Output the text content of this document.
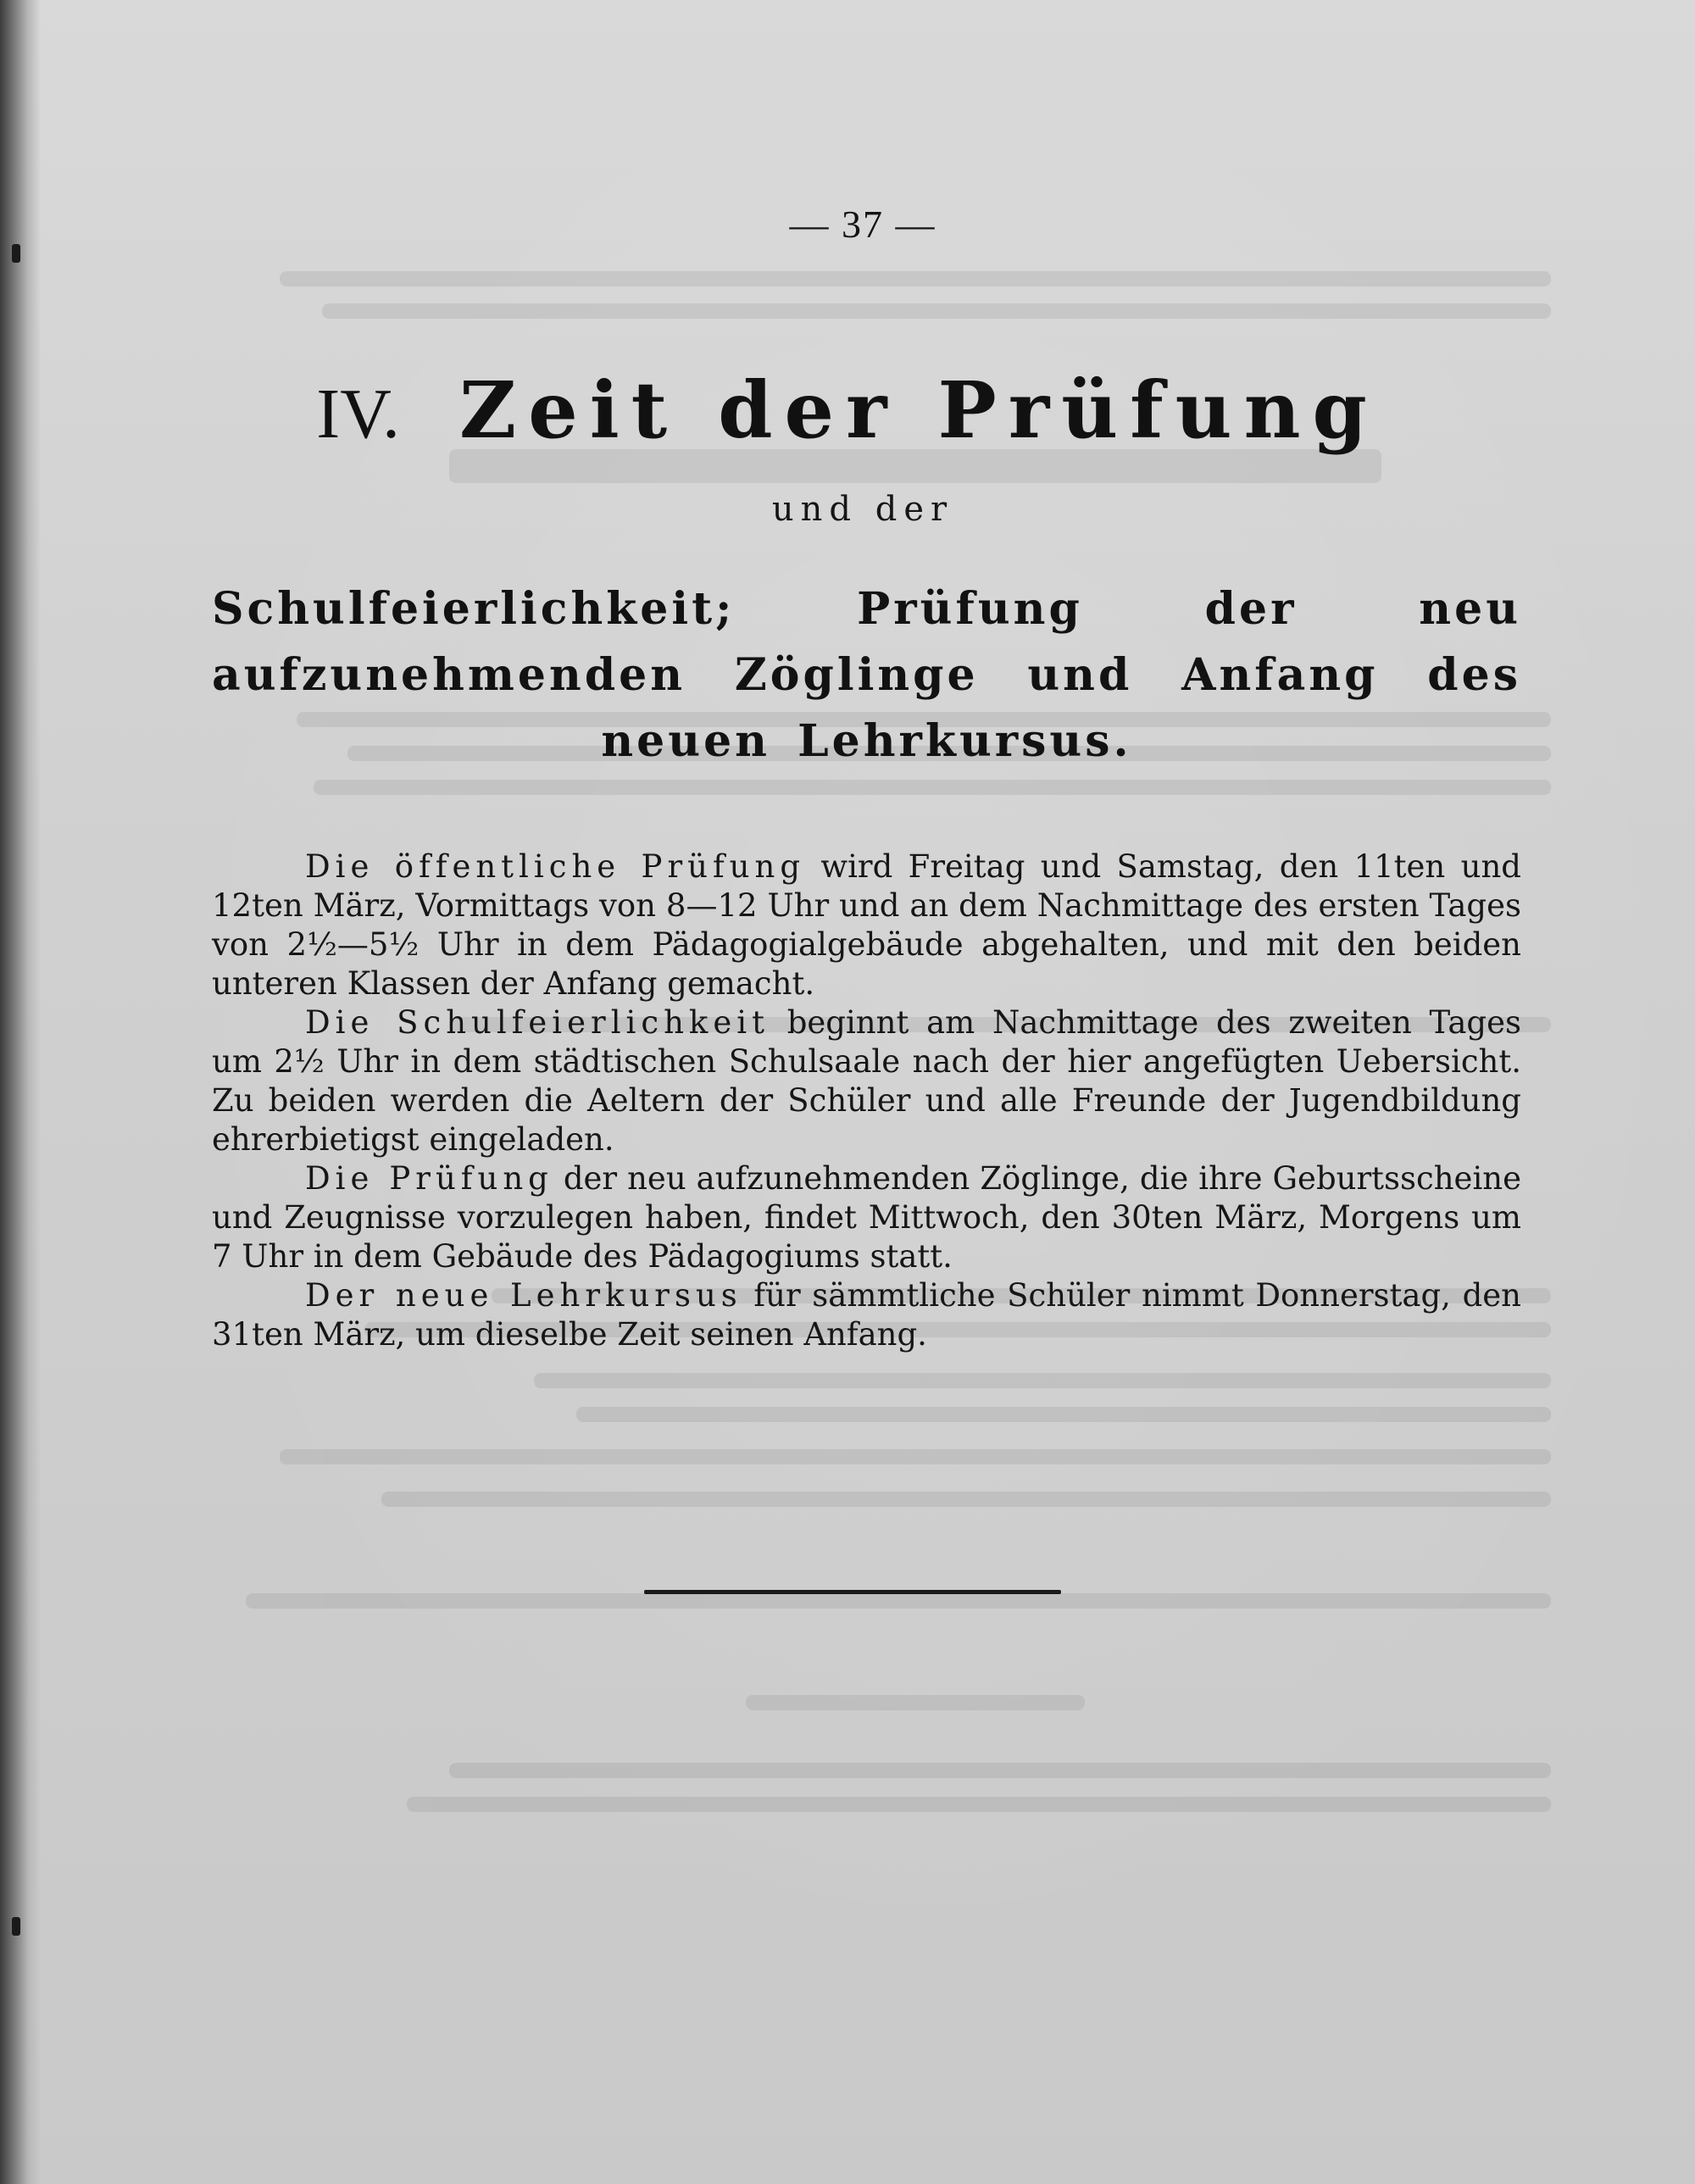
— 37 —
IV. Zeit der Prüfung
und der
Schulfeierlichkeit; Prüfung der neu aufzunehmenden Zöglinge und Anfang des neuen Lehrkursus.

Die öffentliche Prüfung wird Freitag und Samstag, den 11ten und 12ten März, Vormittags von 8—12 Uhr und an dem Nachmittage des ersten Tages von 2½—5½ Uhr in dem Pädagogialgebäude abgehalten, und mit den beiden unteren Klassen der Anfang gemacht.

Die Schulfeierlichkeit beginnt am Nachmittage des zweiten Tages um 2½ Uhr in dem städtischen Schulsaale nach der hier angefügten Uebersicht. Zu beiden werden die Aeltern der Schüler und alle Freunde der Jugendbildung ehrerbietigst eingeladen.

Die Prüfung der neu aufzunehmenden Zöglinge, die ihre Geburtsscheine und Zeugnisse vorzulegen haben, findet Mittwoch, den 30ten März, Morgens um 7 Uhr in dem Gebäude des Pädagogiums statt.

Der neue Lehrkursus für sämmtliche Schüler nimmt Donnerstag, den 31ten März, um dieselbe Zeit seinen Anfang.
